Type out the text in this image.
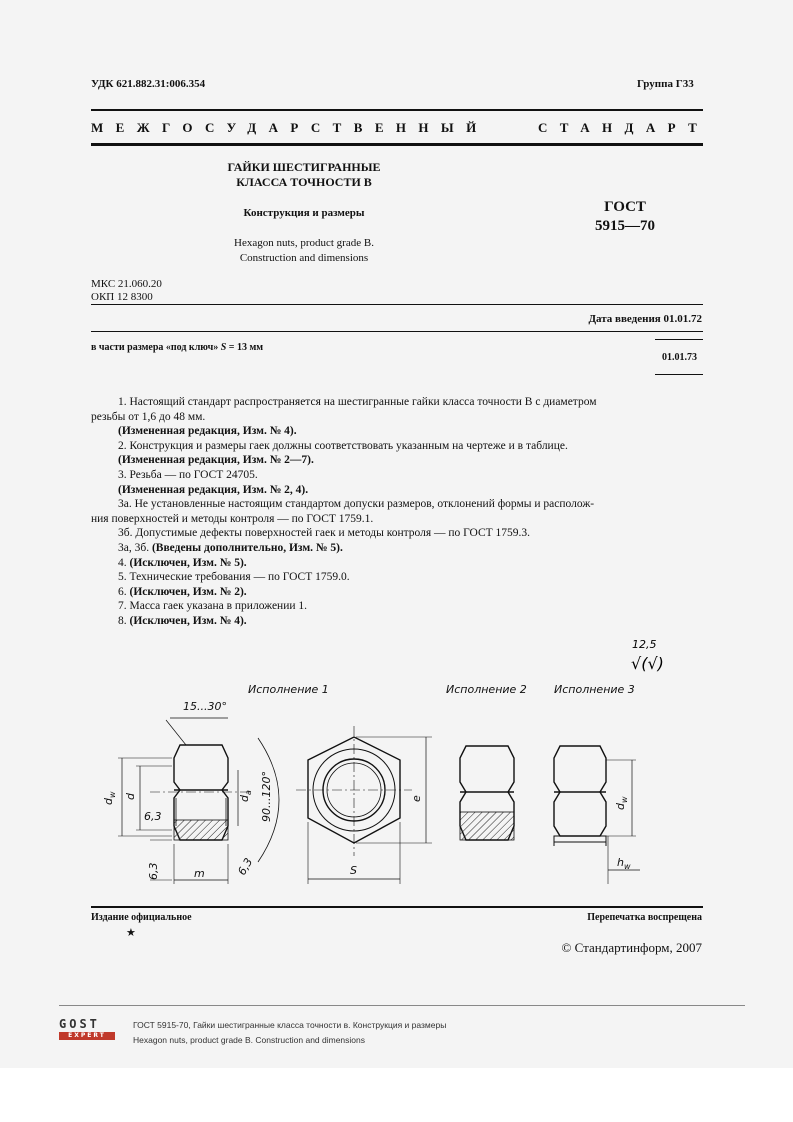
УДК 621.882.31:006.354	Группа Г33
МЕЖГОСУДАРСТВЕННЫЙ	СТАНДАРТ
ГАЙКИ ШЕСТИГРАННЫЕ
КЛАССА ТОЧНОСТИ В
Конструкция и размеры
Hexagon nuts, product grade B.
Construction and dimensions
ГОСТ
5915—70
МКС 21.060.20
ОКП 12 8300
Дата введения 01.01.72
в части размера «под ключ» S = 13 мм
01.01.73

1. Настоящий стандарт распространяется на шестигранные гайки класса точности В с диаметром

резьбы от 1,6 до 48 мм.

(Измененная редакция, Изм. № 4).

2. Конструкция и размеры гаек должны соответствовать указанным на чертеже и в таблице.

(Измененная редакция, Изм. № 2—7).

3. Резьба — по ГОСТ 24705.

(Измененная редакция, Изм. № 2, 4).

3а. Не установленные настоящим стандартом допуски размеров, отклонений формы и располож-

ния поверхностей и методы контроля — по ГОСТ 1759.1.

3б. Допустимые дефекты поверхностей гаек и методы контроля — по ГОСТ 1759.3.

3а, 3б. (Введены дополнительно, Изм. № 5).

4. (Исключен, Изм. № 5).

5. Технические требования — по ГОСТ 1759.0.

6. (Исключен, Изм. № 2).

7. Масса гаек указана в приложении 1.

8. (Исключен, Изм. № 4).

12,5
√(√)
Исполнение 1	Исполнение 2 Исполнение 3
15...30°
90...120°
$d_w$ d	$d_a$
6,3
6,3	6,3
m	S
e
$d_w$
$h_w$
Издание официальное
★
Перепечатка воспрещена
© Стандартинформ, 2007
GOST
EXPERT
ГОСТ 5915-70, Гайки шестигранные класса точности в. Конструкция и размеры
Hexagon nuts, product grade B. Construction and dimensions
